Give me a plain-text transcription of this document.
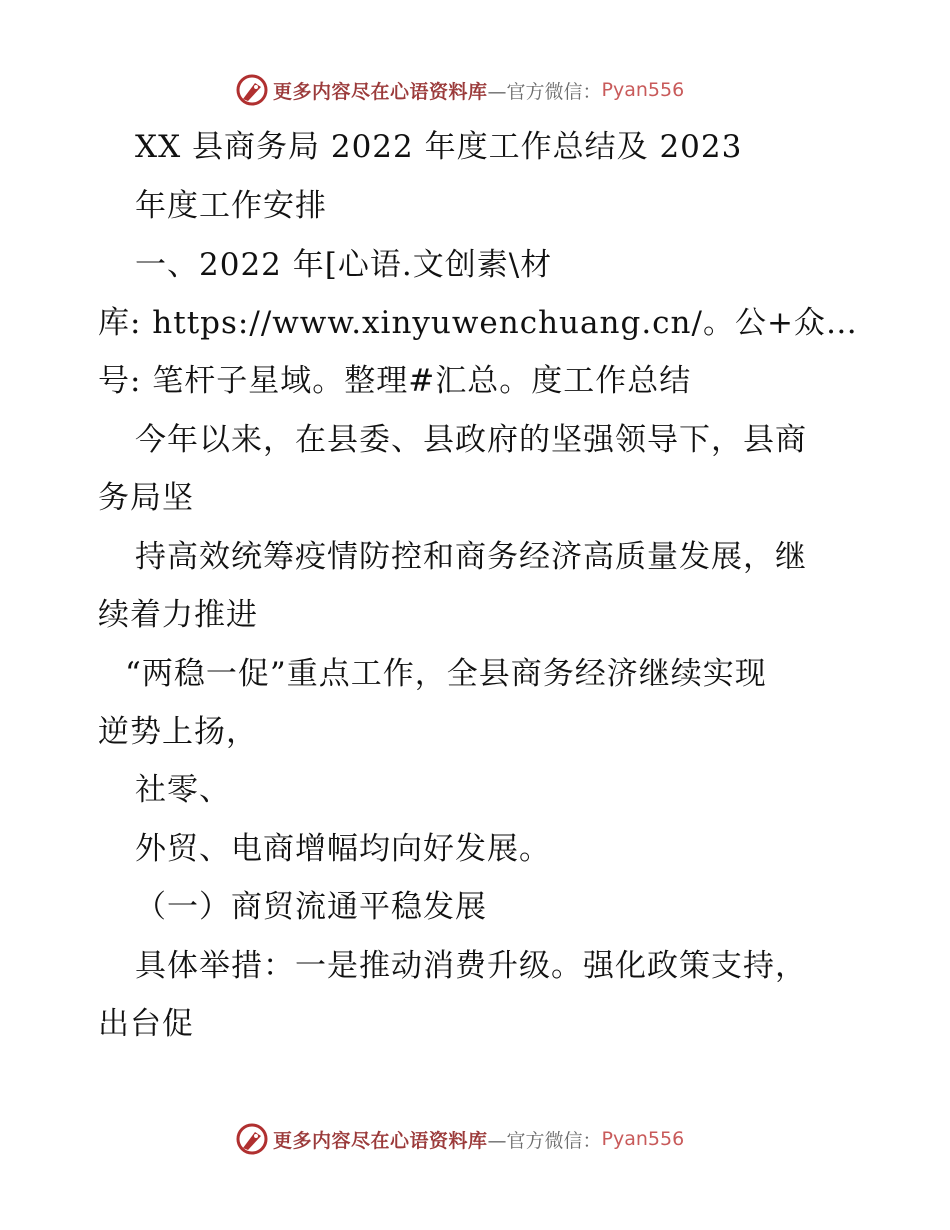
更多内容尽在心语资料库 —官方微信： Pyan556
XX 县商务局 2022 年度工作总结及 2023
年度工作安排
一、2022 年[心语.文创素\材
库: https://www.xinyuwenchuang.cn/。公+众…
号: 笔杆子星域。整理#汇总。度工作总结
今年以来，在县委、县政府的坚强领导下，县商
务局坚
持高效统筹疫情防控和商务经济高质量发展，继
续着力推进
“两稳一促”重点工作，全县商务经济继续实现
逆势上扬，
社零、
外贸、电商增幅均向好发展。
（一）商贸流通平稳发展
具体举措：一是推动消费升级。强化政策支持，
出台促
更多内容尽在心语资料库 —官方微信： Pyan556
